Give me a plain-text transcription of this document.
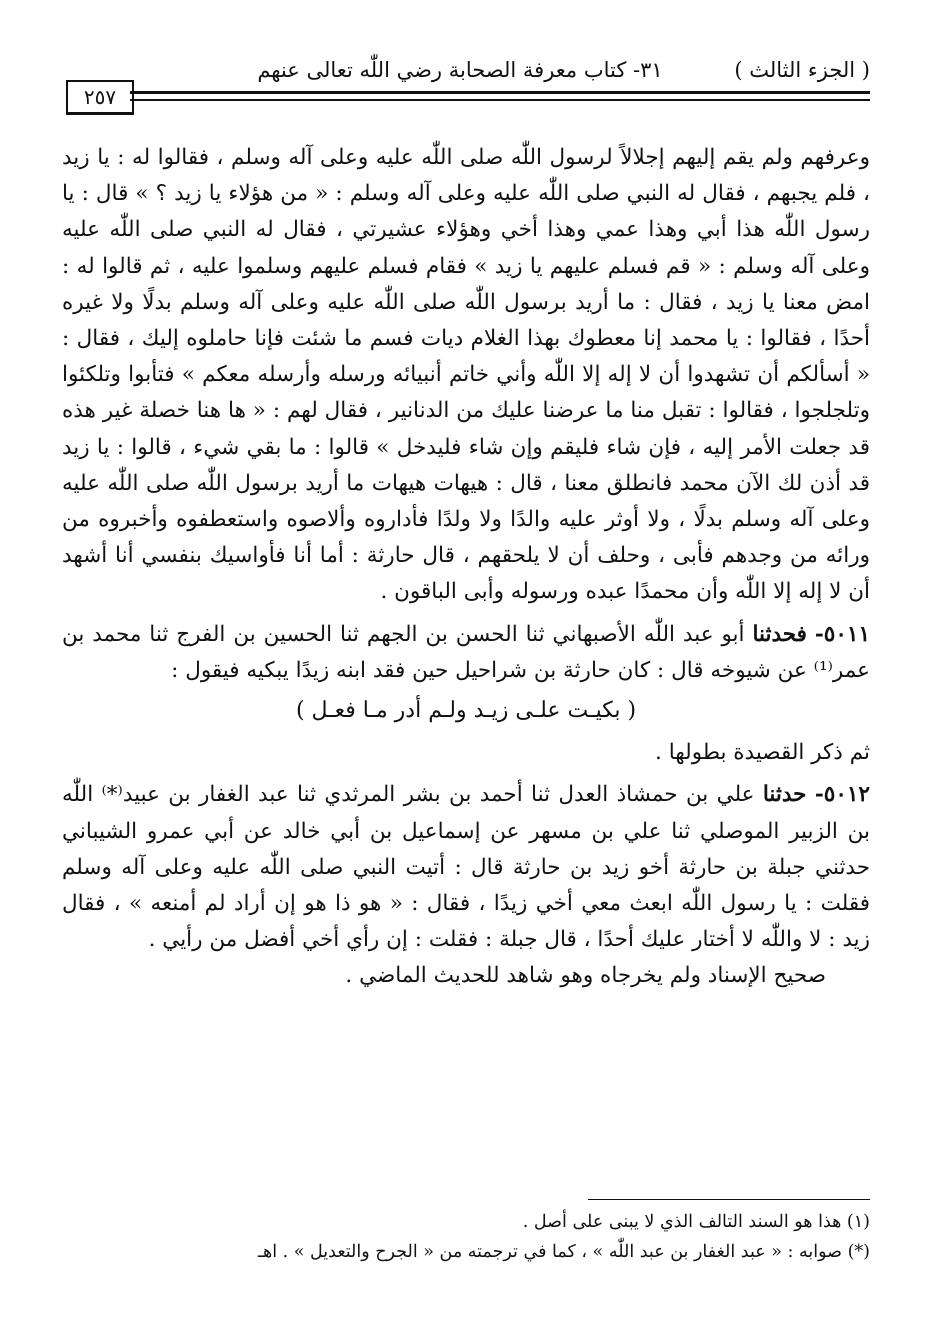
( الجزء الثالث )
٣١- كتاب معرفة الصحابة رضي اللّٰه تعالى عنهم
٢٥٧

وعرفهم ولم يقم إليهم إجلالاً لرسول اللّٰه صلى اللّٰه عليه وعلى آله وسلم ، فقالوا له : يا زيد ، فلم يجبهم ، فقال له النبي صلى اللّٰه عليه وعلى آله وسلم : « من هؤلاء يا زيد ؟ » قال : يا رسول اللّٰه هذا أبي وهذا عمي وهذا أخي وهؤلاء عشيرتي ، فقال له النبي صلى اللّٰه عليه وعلى آله وسلم : « قم فسلم عليهم يا زيد » فقام فسلم عليهم وسلموا عليه ، ثم قالوا له : امض معنا يا زيد ، فقال : ما أريد برسول اللّٰه صلى اللّٰه عليه وعلى آله وسلم بدلًا ولا غيره أحدًا ، فقالوا : يا محمد إنا معطوك بهذا الغلام ديات فسم ما شئت فإنا حاملوه إليك ، فقال : « أسألكم أن تشهدوا أن لا إله إلا اللّٰه وأني خاتم أنبيائه ورسله وأرسله معكم » فتأبوا وتلكئوا وتلجلجوا ، فقالوا : تقبل منا ما عرضنا عليك من الدنانير ، فقال لهم : « ها هنا خصلة غير هذه قد جعلت الأمر إليه ، فإن شاء فليقم وإن شاء فليدخل » قالوا : ما بقي شيء ، قالوا : يا زيد قد أذن لك الآن محمد فانطلق معنا ، قال : هيهات هيهات ما أريد برسول اللّٰه صلى اللّٰه عليه وعلى آله وسلم بدلًا ، ولا أوثر عليه والدًا ولا ولدًا فأداروه وألاصوه واستعطفوه وأخبروه من ورائه من وجدهم فأبى ، وحلف أن لا يلحقهم ، قال حارثة : أما أنا فأواسيك بنفسي أنا أشهد أن لا إله إلا اللّٰه وأن محمدًا عبده ورسوله وأبى الباقون .

٥٠١١- فحدثنا أبو عبد اللّٰه الأصبهاني ثنا الحسن بن الجهم ثنا الحسين بن الفرج ثنا محمد بن عمر⁽¹⁾ عن شيوخه قال : كان حارثة بن شراحيل حين فقد ابنه زيدًا يبكيه فيقول :

( بكيـت علـى زيـد ولـم أدر مـا فعـل )

ثم ذكر القصيدة بطولها .

٥٠١٢- حدثنا علي بن حمشاذ العدل ثنا أحمد بن بشر المرثدي ثنا عبد الغفار بن عبيد⁽*⁾ اللّٰه بن الزبير الموصلي ثنا علي بن مسهر عن إسماعيل بن أبي خالد عن أبي عمرو الشيباني حدثني جبلة بن حارثة أخو زيد بن حارثة قال : أتيت النبي صلى اللّٰه عليه وعلى آله وسلم فقلت : يا رسول اللّٰه ابعث معي أخي زيدًا ، فقال : « هو ذا هو إن أراد لم أمنعه » ، فقال زيد : لا واللّٰه لا أختار عليك أحدًا ، قال جبلة : فقلت : إن رأي أخي أفضل من رأيي .

صحيح الإسناد ولم يخرجاه وهو شاهد للحديث الماضي .

(١) هذا هو السند التالف الذي لا يبنى على أصل .

(*) صوابه : « عبد الغفار بن عبد اللّٰه » ، كما في ترجمته من « الجرح والتعديل » . اهـ
